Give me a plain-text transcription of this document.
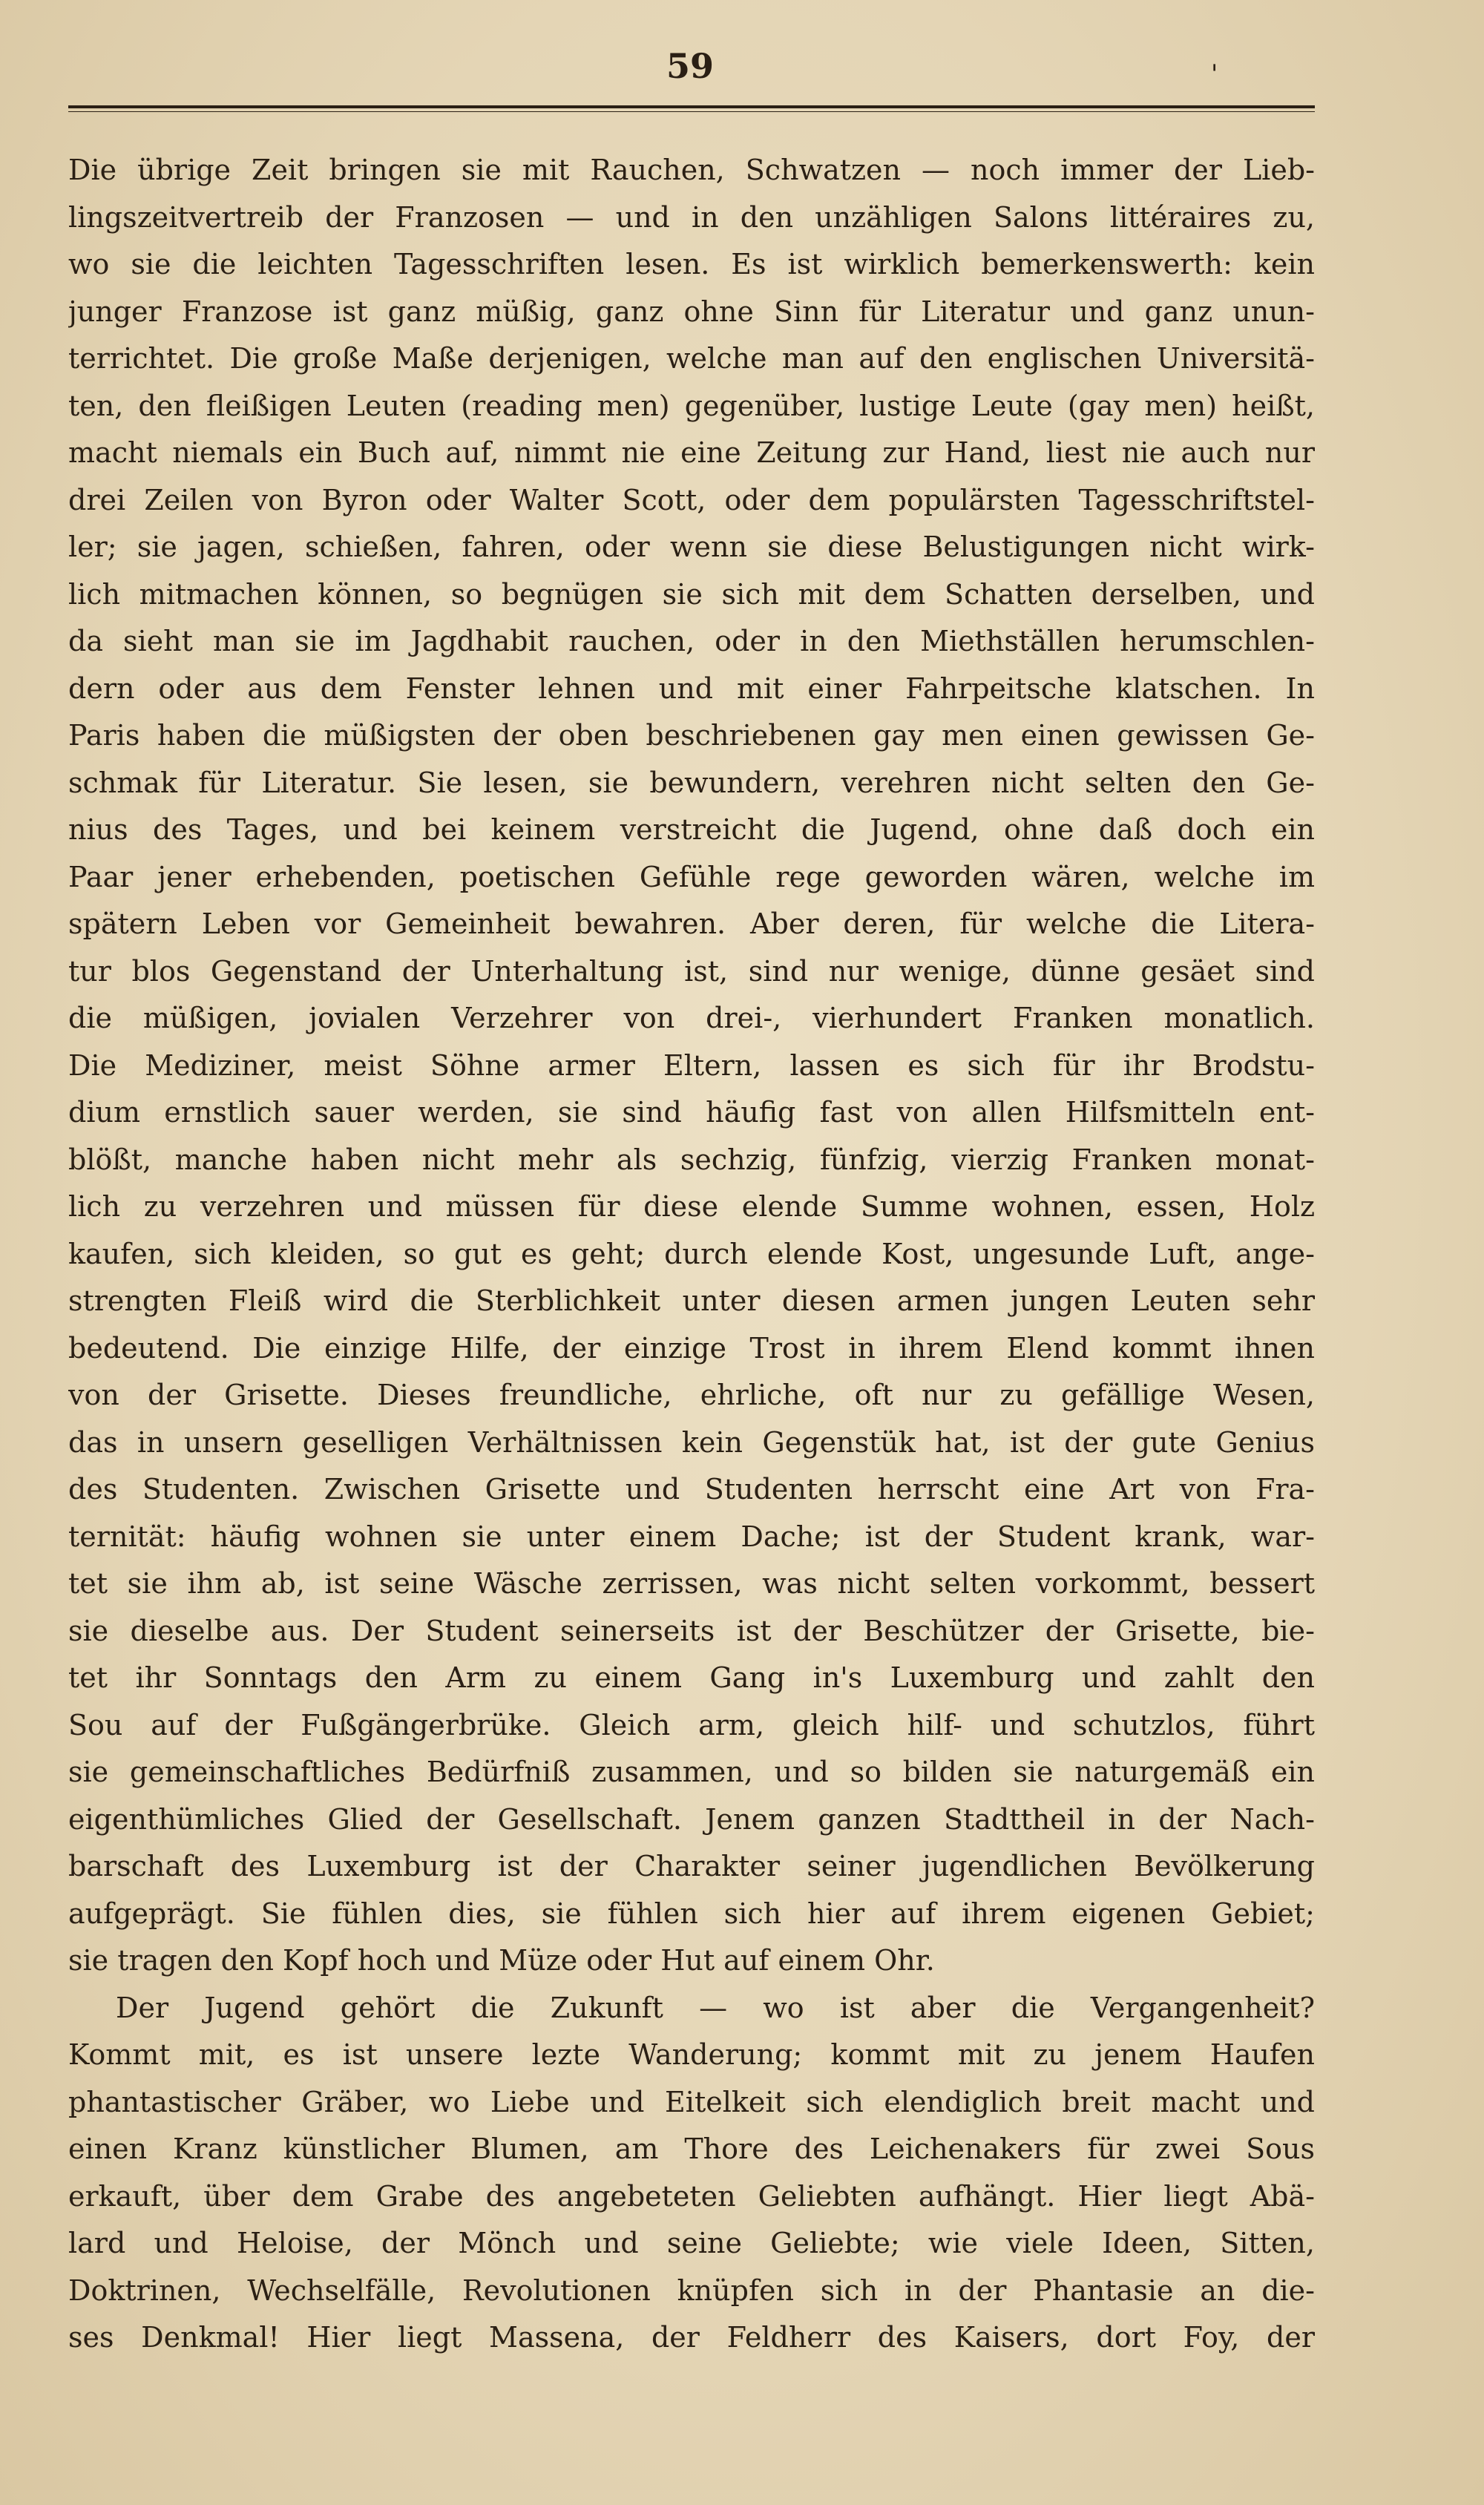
59	'
Die übrige Zeit bringen sie mit Rauchen, Schwatzen — noch immer der Lieb-
lingszeitvertreib der Franzosen — und in den unzähligen Salons littéraires zu,
wo sie die leichten Tagesschriften lesen. Es ist wirklich bemerkenswerth: kein
junger Franzose ist ganz müßig, ganz ohne Sinn für Literatur und ganz unun-
terrichtet. Die große Maße derjenigen, welche man auf den englischen Universitä-
ten, den fleißigen Leuten (reading men) gegenüber, lustige Leute (gay men) heißt,
macht niemals ein Buch auf, nimmt nie eine Zeitung zur Hand, liest nie auch nur
drei Zeilen von Byron oder Walter Scott, oder dem populärsten Tagesschriftstel-
ler; sie jagen, schießen, fahren, oder wenn sie diese Belustigungen nicht wirk-
lich mitmachen können, so begnügen sie sich mit dem Schatten derselben, und
da sieht man sie im Jagdhabit rauchen, oder in den Miethställen herumschlen-
dern oder aus dem Fenster lehnen und mit einer Fahrpeitsche klatschen. In
Paris haben die müßigsten der oben beschriebenen gay men einen gewissen Ge-
schmak für Literatur. Sie lesen, sie bewundern, verehren nicht selten den Ge-
nius des Tages, und bei keinem verstreicht die Jugend, ohne daß doch ein
Paar jener erhebenden, poetischen Gefühle rege geworden wären, welche im
spätern Leben vor Gemeinheit bewahren. Aber deren, für welche die Litera-
tur blos Gegenstand der Unterhaltung ist, sind nur wenige, dünne gesäet sind
die müßigen, jovialen Verzehrer von drei-, vierhundert Franken monatlich.
Die Mediziner, meist Söhne armer Eltern, lassen es sich für ihr Brodstu-
dium ernstlich sauer werden, sie sind häufig fast von allen Hilfsmitteln ent-
blößt, manche haben nicht mehr als sechzig, fünfzig, vierzig Franken monat-
lich zu verzehren und müssen für diese elende Summe wohnen, essen, Holz
kaufen, sich kleiden, so gut es geht; durch elende Kost, ungesunde Luft, ange-
strengten Fleiß wird die Sterblichkeit unter diesen armen jungen Leuten sehr
bedeutend. Die einzige Hilfe, der einzige Trost in ihrem Elend kommt ihnen
von der Grisette. Dieses freundliche, ehrliche, oft nur zu gefällige Wesen,
das in unsern geselligen Verhältnissen kein Gegenstük hat, ist der gute Genius
des Studenten. Zwischen Grisette und Studenten herrscht eine Art von Fra-
ternität: häufig wohnen sie unter einem Dache; ist der Student krank, war-
tet sie ihm ab, ist seine Wäsche zerrissen, was nicht selten vorkommt, bessert
sie dieselbe aus. Der Student seinerseits ist der Beschützer der Grisette, bie-
tet ihr Sonntags den Arm zu einem Gang in's Luxemburg und zahlt den
Sou auf der Fußgängerbrüke. Gleich arm, gleich hilf- und schutzlos, führt
sie gemeinschaftliches Bedürfniß zusammen, und so bilden sie naturgemäß ein
eigenthümliches Glied der Gesellschaft. Jenem ganzen Stadttheil in der Nach-
barschaft des Luxemburg ist der Charakter seiner jugendlichen Bevölkerung
aufgeprägt. Sie fühlen dies, sie fühlen sich hier auf ihrem eigenen Gebiet;
sie tragen den Kopf hoch und Müze oder Hut auf einem Ohr.
Der Jugend gehört die Zukunft — wo ist aber die Vergangenheit?
Kommt mit, es ist unsere lezte Wanderung; kommt mit zu jenem Haufen
phantastischer Gräber, wo Liebe und Eitelkeit sich elendiglich breit macht und
einen Kranz künstlicher Blumen, am Thore des Leichenakers für zwei Sous
erkauft, über dem Grabe des angebeteten Geliebten aufhängt. Hier liegt Abä-
lard und Heloise, der Mönch und seine Geliebte; wie viele Ideen, Sitten,
Doktrinen, Wechselfälle, Revolutionen knüpfen sich in der Phantasie an die-
ses Denkmal! Hier liegt Massena, der Feldherr des Kaisers, dort Foy, der
